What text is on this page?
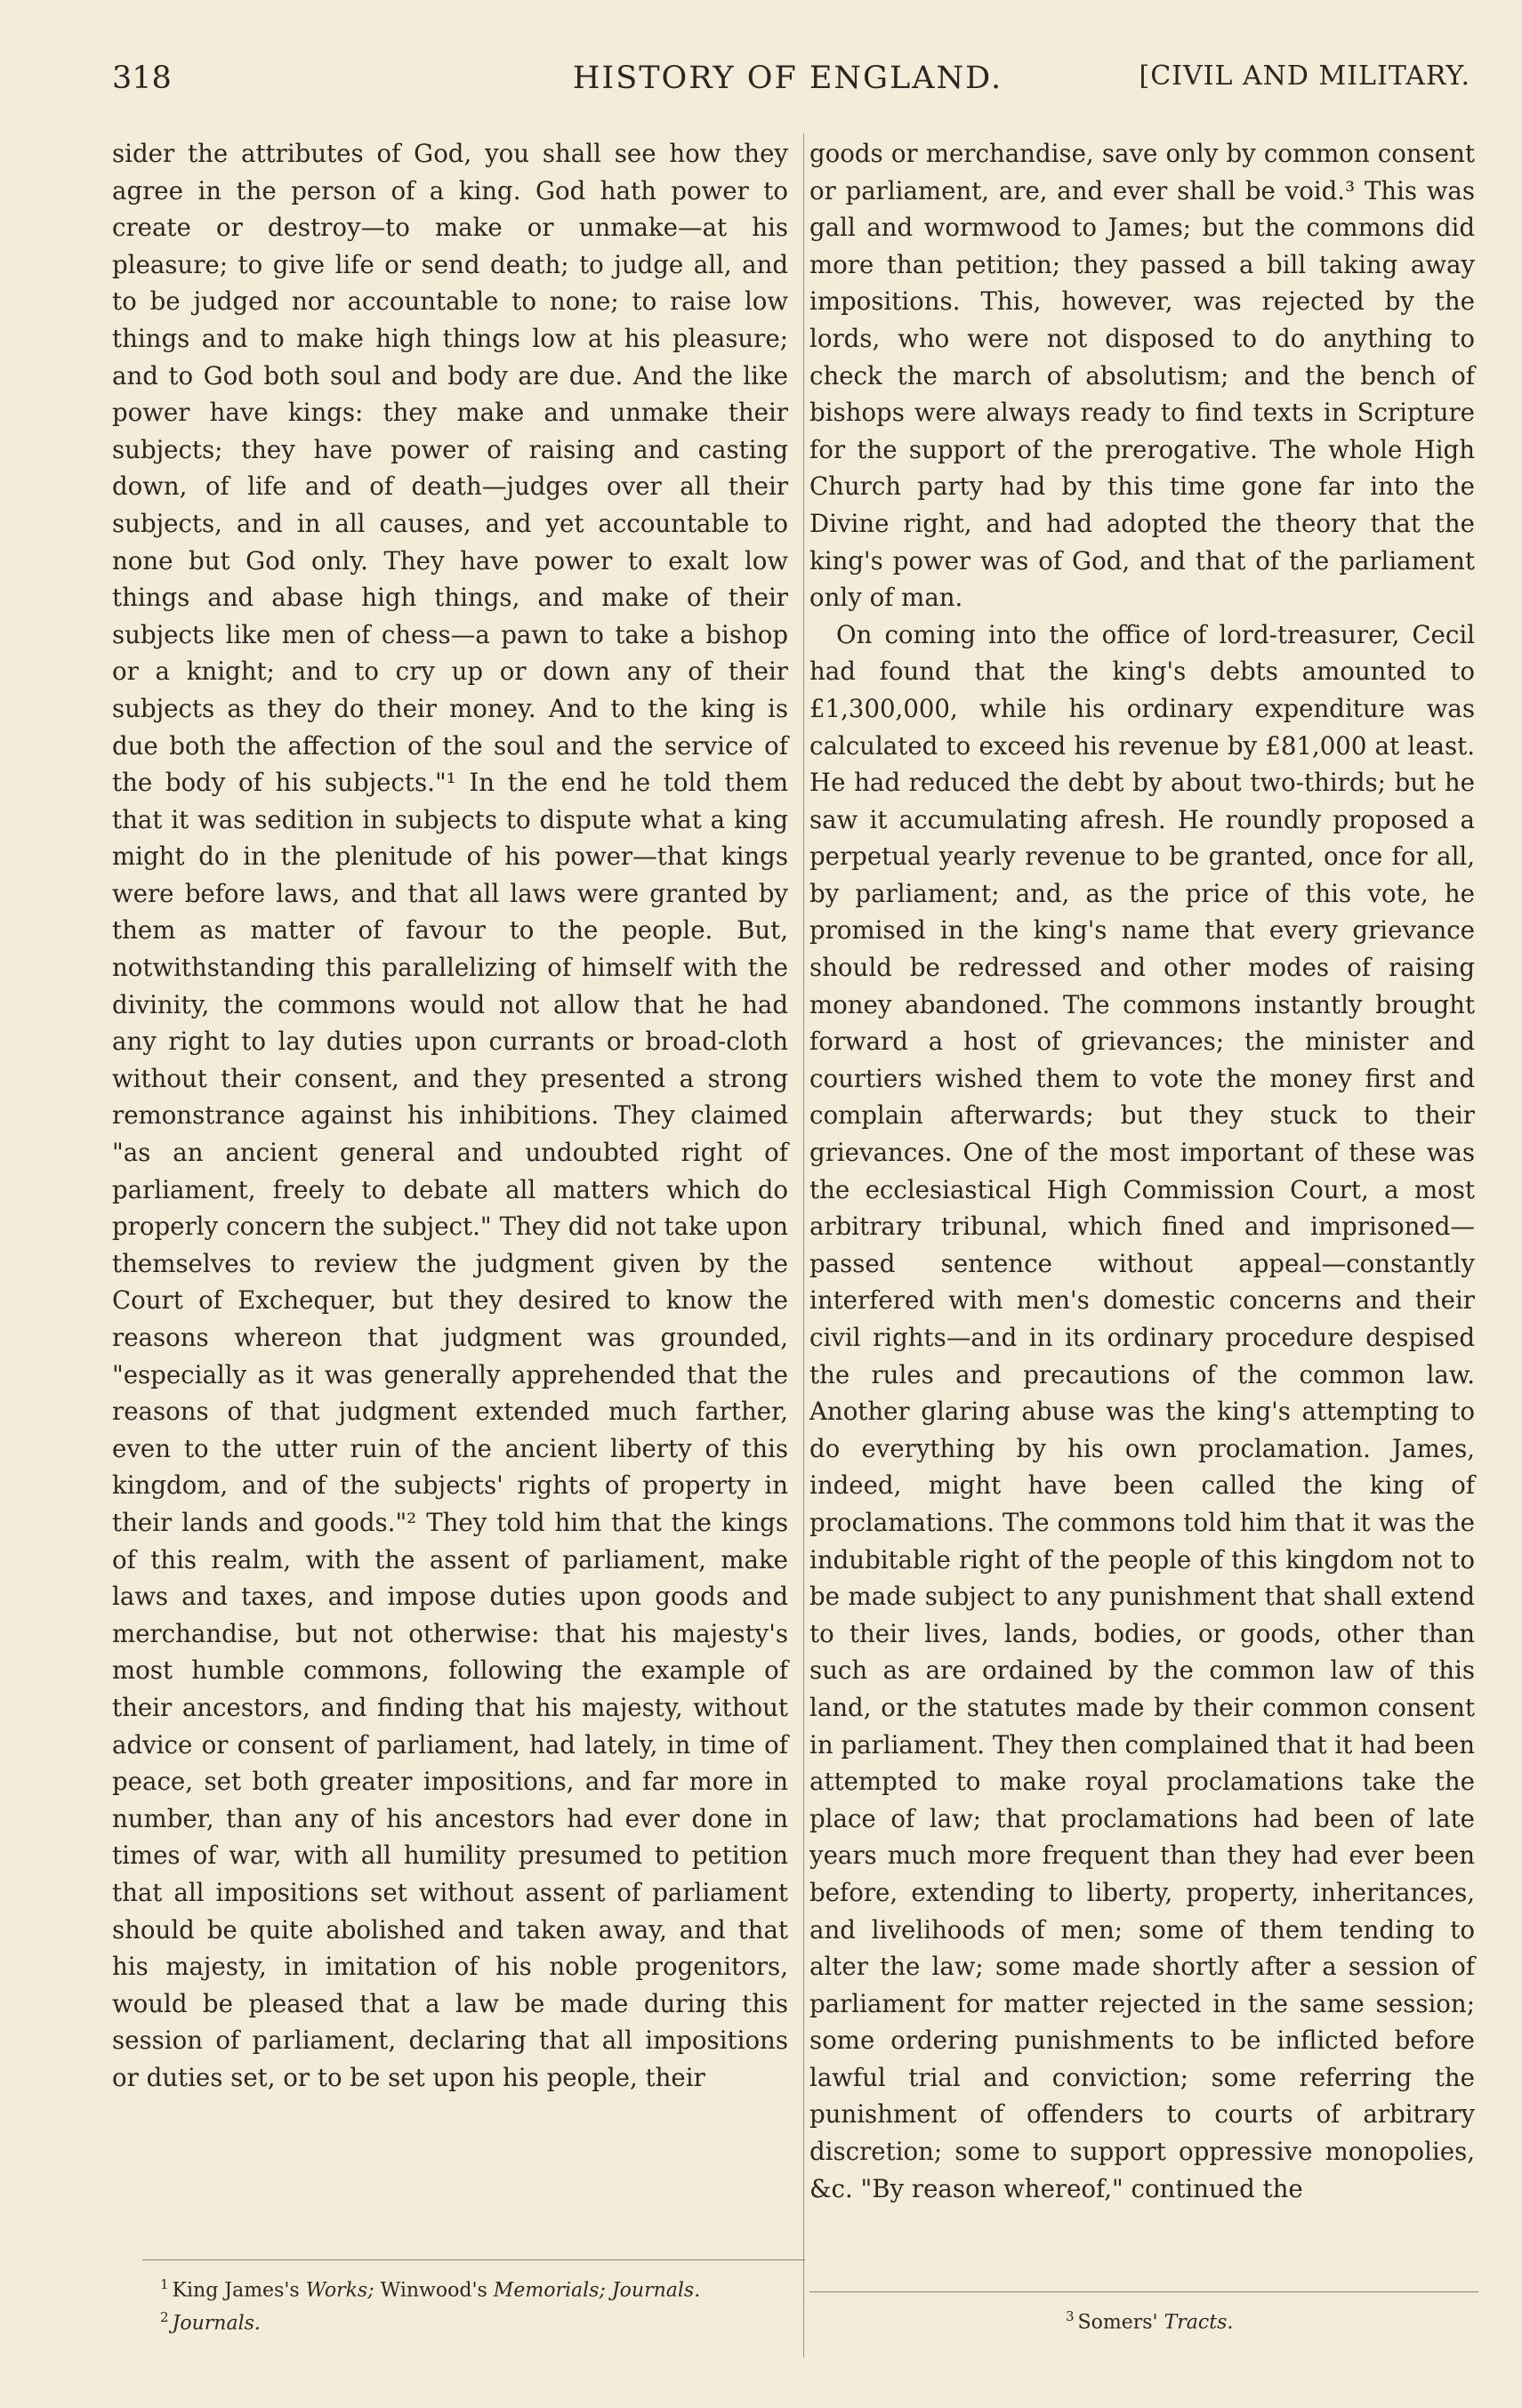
318	HISTORY OF ENGLAND.	[CIVIL AND MILITARY.

sider the attributes of God, you shall see how they agree in the person of a king. God hath power to create or destroy—to make or unmake—at his pleasure; to give life or send death; to judge all, and to be judged nor accountable to none; to raise low things and to make high things low at his pleasure; and to God both soul and body are due. And the like power have kings: they make and unmake their subjects; they have power of raising and casting down, of life and of death—judges over all their subjects, and in all causes, and yet accountable to none but God only. They have power to exalt low things and abase high things, and make of their subjects like men of chess—a pawn to take a bishop or a knight; and to cry up or down any of their subjects as they do their money. And to the king is due both the affection of the soul and the service of the body of his subjects."¹ In the end he told them that it was sedition in subjects to dispute what a king might do in the plenitude of his power—that kings were before laws, and that all laws were granted by them as matter of favour to the people. But, notwithstanding this parallelizing of himself with the divinity, the commons would not allow that he had any right to lay duties upon currants or broad-cloth without their consent, and they presented a strong remonstrance against his inhibitions. They claimed "as an ancient general and undoubted right of parliament, freely to debate all matters which do properly concern the subject." They did not take upon themselves to review the judgment given by the Court of Exchequer, but they desired to know the reasons whereon that judgment was grounded, "especially as it was generally apprehended that the reasons of that judgment extended much farther, even to the utter ruin of the ancient liberty of this kingdom, and of the subjects' rights of property in their lands and goods."² They told him that the kings of this realm, with the assent of parliament, make laws and taxes, and impose duties upon goods and merchandise, but not otherwise: that his majesty's most humble commons, following the example of their ancestors, and finding that his majesty, without advice or consent of parliament, had lately, in time of peace, set both greater impositions, and far more in number, than any of his ancestors had ever done in times of war, with all humility presumed to petition that all impositions set without assent of parliament should be quite abolished and taken away, and that his majesty, in imitation of his noble progenitors, would be pleased that a law be made during this session of parliament, declaring that all impositions or duties set, or to be set upon his people, their

goods or merchandise, save only by common consent or parliament, are, and ever shall be void.³ This was gall and wormwood to James; but the commons did more than petition; they passed a bill taking away impositions. This, however, was rejected by the lords, who were not disposed to do anything to check the march of absolutism; and the bench of bishops were always ready to find texts in Scripture for the support of the prerogative. The whole High Church party had by this time gone far into the Divine right, and had adopted the theory that the king's power was of God, and that of the parliament only of man.

On coming into the office of lord-treasurer, Cecil had found that the king's debts amounted to £1,300,000, while his ordinary expenditure was calculated to exceed his revenue by £81,000 at least. He had reduced the debt by about two-thirds; but he saw it accumulating afresh. He roundly proposed a perpetual yearly revenue to be granted, once for all, by parliament; and, as the price of this vote, he promised in the king's name that every grievance should be redressed and other modes of raising money abandoned. The commons instantly brought forward a host of grievances; the minister and courtiers wished them to vote the money first and complain afterwards; but they stuck to their grievances. One of the most important of these was the ecclesiastical High Commission Court, a most arbitrary tribunal, which fined and imprisoned—passed sentence without appeal—constantly interfered with men's domestic concerns and their civil rights—and in its ordinary procedure despised the rules and precautions of the common law. Another glaring abuse was the king's attempting to do everything by his own proclamation. James, indeed, might have been called the king of proclamations. The commons told him that it was the indubitable right of the people of this kingdom not to be made subject to any punishment that shall extend to their lives, lands, bodies, or goods, other than such as are ordained by the common law of this land, or the statutes made by their common consent in parliament. They then complained that it had been attempted to make royal proclamations take the place of law; that proclamations had been of late years much more frequent than they had ever been before, extending to liberty, property, inheritances, and livelihoods of men; some of them tending to alter the law; some made shortly after a session of parliament for matter rejected in the same session; some ordering punishments to be inflicted before lawful trial and conviction; some referring the punishment of offenders to courts of arbitrary discretion; some to support oppressive monopolies, &c. "By reason whereof," continued the

$^1$ King James's Works; Winwood's Memorials; Journals.
$^2$ Journals.	$^3$ Somers' Tracts.
